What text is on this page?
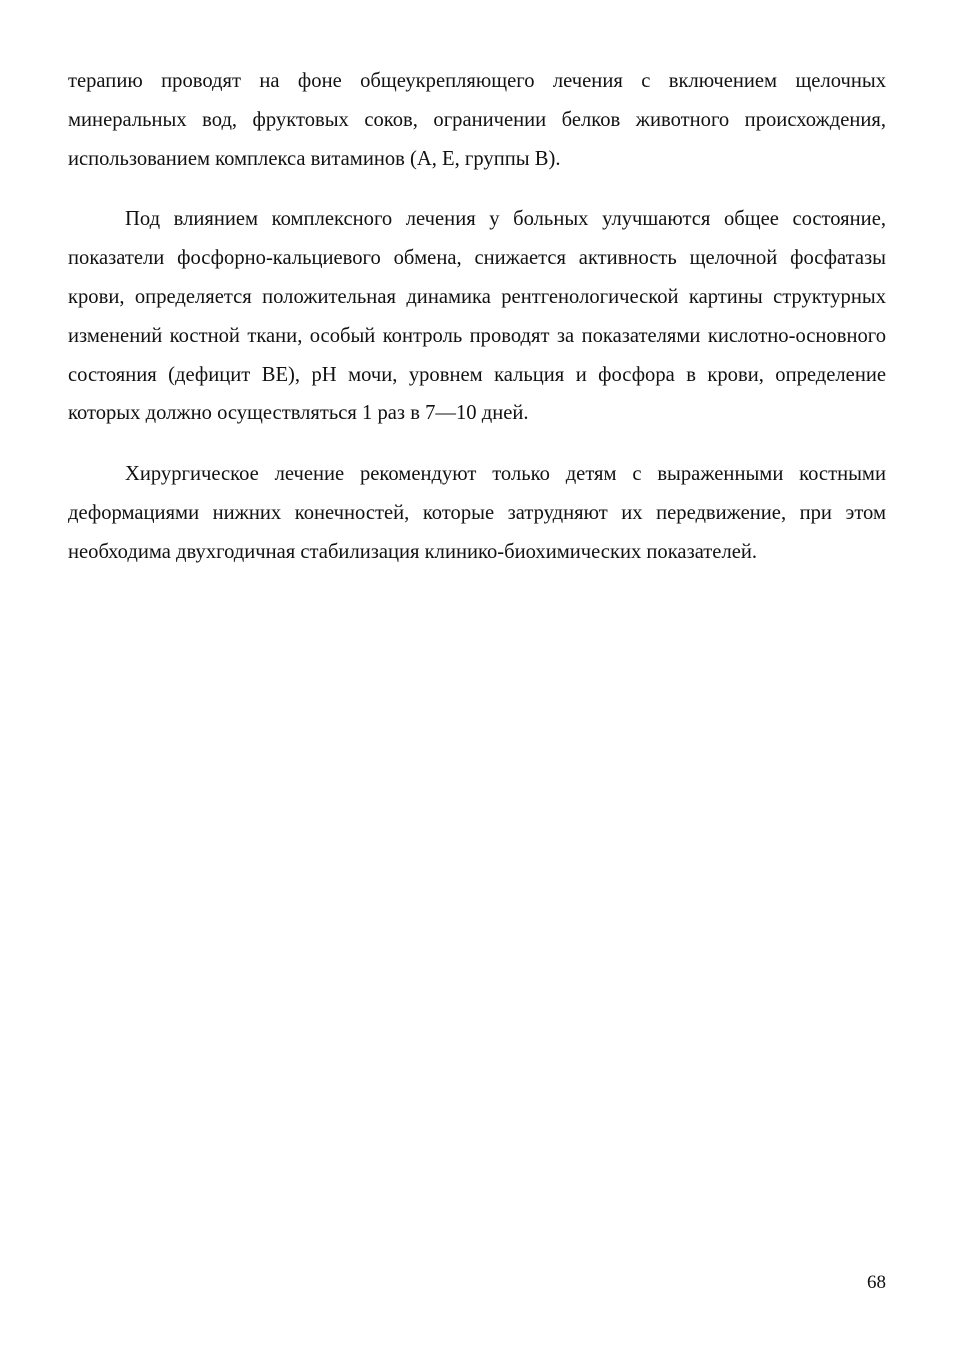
терапию проводят на фоне общеукрепляющего лечения с включением щелочных минеральных вод, фруктовых соков, ограничении белков животного происхождения, использованием комплекса витаминов (А, Е, группы В).

Под влиянием комплексного лечения у больных улучшаются общее состояние, показатели фосфорно-кальциевого обмена, снижается активность щелочной фосфатазы крови, определяется положительная динамика рентгенологической картины структурных изменений костной ткани, особый контроль проводят за показателями кислотно-основного состояния (дефицит BE), pH мочи, уровнем кальция и фосфора в крови, определение которых должно осуществляться 1 раз в 7—10 дней.

Хирургическое лечение рекомендуют только детям с выраженными костными деформациями нижних конечностей, которые затрудняют их передвижение, при этом необходима двухгодичная стабилизация клинико-биохимических показателей.

68
